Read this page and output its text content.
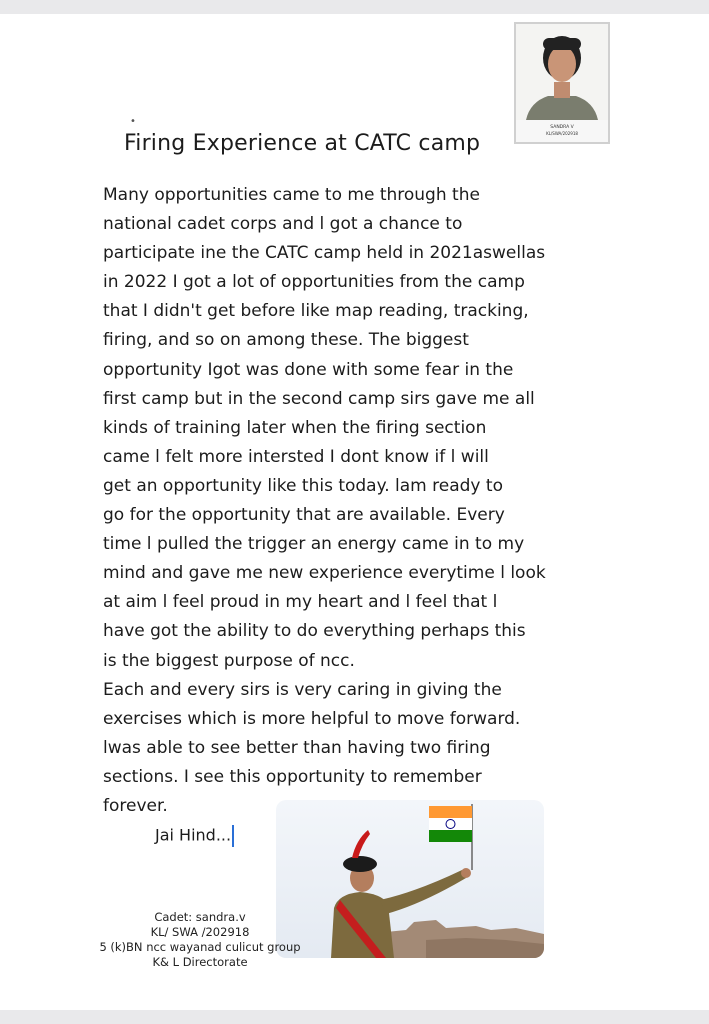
SANDRA V
KL/SWA/202918
•
Firing Experience at CATC camp
Many opportunities came to me through the
national cadet corps and l got a chance to
participate ine the CATC camp held in 2021aswellas
in 2022 I got a lot of opportunities from the camp
that I didn't get before like map reading, tracking,
firing, and so on among these. The biggest
opportunity Igot was done with some fear in the
first camp but in the second camp sirs gave me all
kinds of training later when the firing section
came l felt more intersted I dont know if l will
get an opportunity like this today. lam ready to
go for the opportunity that are available. Every
time l pulled the trigger an energy came in to my
mind and gave me new experience everytime l look
at aim l feel proud in my heart and l feel that l
have got the ability to do everything perhaps this
is the biggest purpose of ncc.
Each and every sirs is very caring in giving the
exercises which is more helpful to move forward.
lwas able to see better than having two firing
sections. I see this opportunity to remember
forever.
Jai Hind...
Cadet: sandra.v
KL/ SWA /202918
5 (k)BN ncc wayanad culicut group
K& L Directorate
